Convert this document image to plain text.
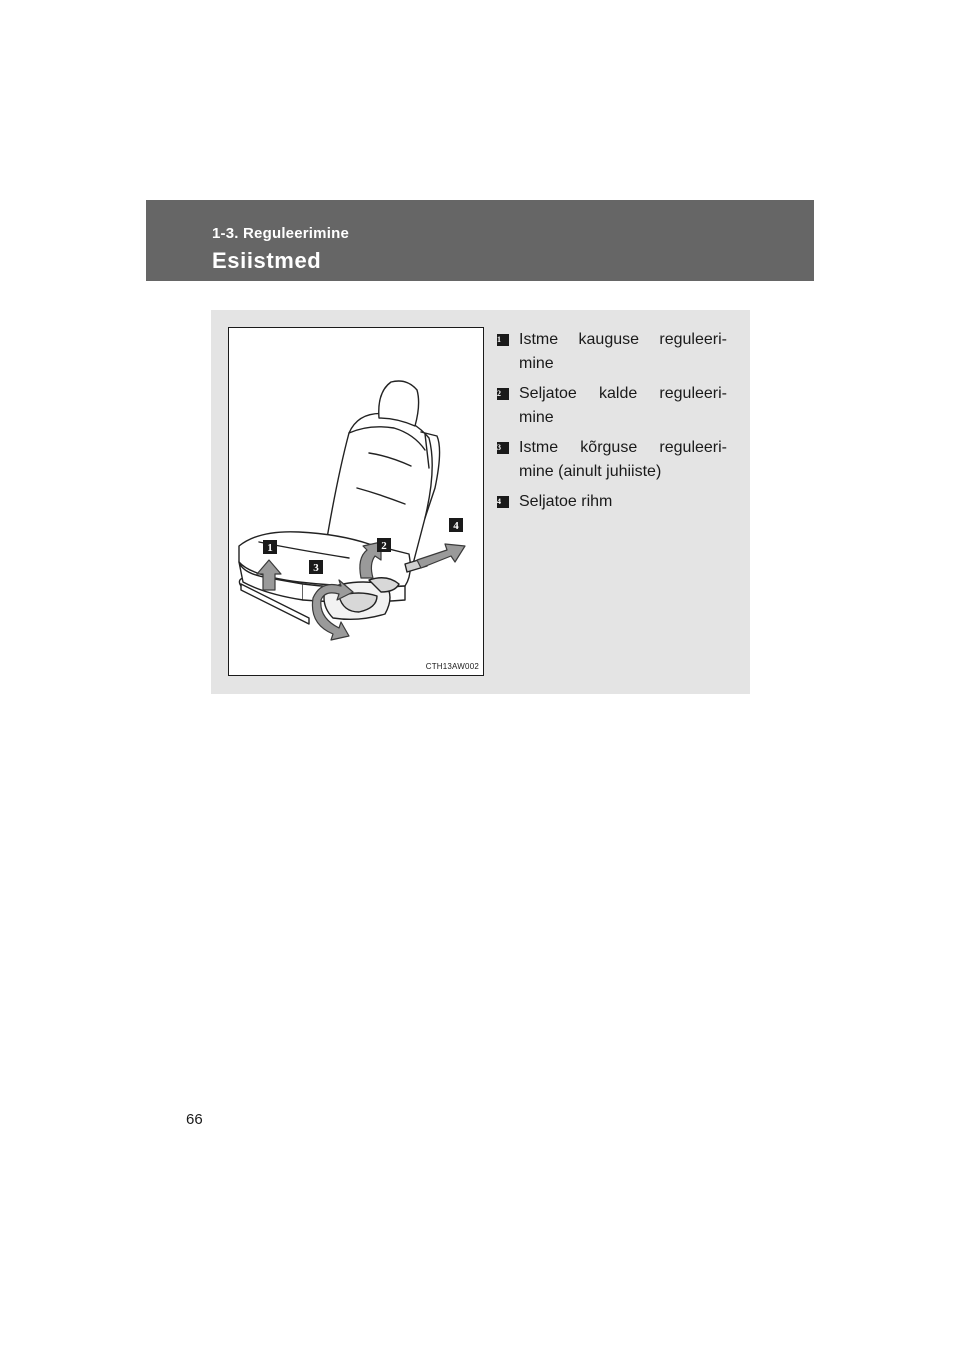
1-3. Reguleerimine
Esiistmed
1	2
3
4
CTH13AW002
1	Istme kauguse reguleeri- mine
2	Seljatoe kalde reguleeri- mine
3	Istme kõrguse reguleeri- mine (ainult juhiiste)
4	Seljatoe rihm
66
